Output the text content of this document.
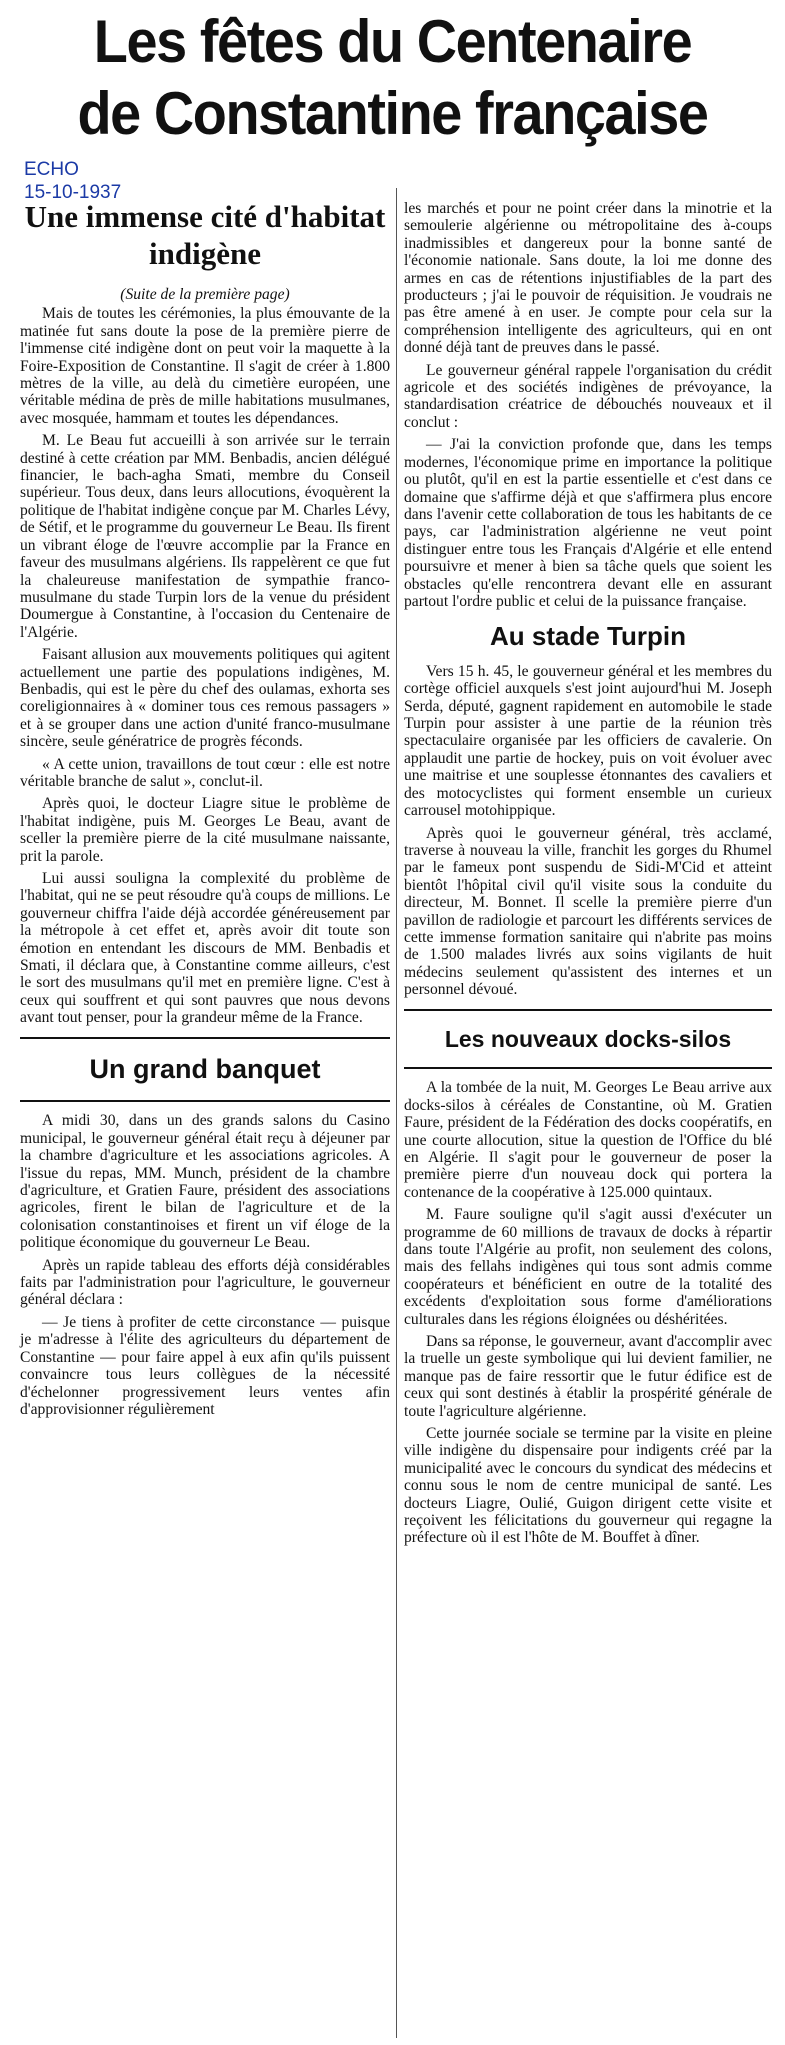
Les fêtes du Centenaire
de Constantine française
ECHO
15-10-1937
Une immense cité d'habitat indigène
(Suite de la première page)

Mais de toutes les cérémonies, la plus émouvante de la matinée fut sans doute la pose de la première pierre de l'immense cité indigène dont on peut voir la maquette à la Foire-Exposition de Constantine. Il s'agit de créer à 1.800 mètres de la ville, au delà du cimetière européen, une véritable médina de près de mille habitations musulmanes, avec mosquée, hammam et toutes les dépendances.

M. Le Beau fut accueilli à son arrivée sur le terrain destiné à cette création par MM. Benbadis, ancien délégué financier, le bach-agha Smati, membre du Conseil supérieur. Tous deux, dans leurs allocutions, évoquèrent la politique de l'habitat indigène conçue par M. Charles Lévy, de Sétif, et le programme du gouverneur Le Beau. Ils firent un vibrant éloge de l'œuvre accomplie par la France en faveur des musulmans algériens. Ils rappelèrent ce que fut la chaleureuse manifestation de sympathie franco-musulmane du stade Turpin lors de la venue du président Doumergue à Constantine, à l'occasion du Centenaire de l'Algérie.

Faisant allusion aux mouvements politiques qui agitent actuellement une partie des populations indigènes, M. Benbadis, qui est le père du chef des oulamas, exhorta ses coreligionnaires à « dominer tous ces remous passagers » et à se grouper dans une action d'unité franco-musulmane sincère, seule génératrice de progrès féconds.

« A cette union, travaillons de tout cœur : elle est notre véritable branche de salut », conclut-il.

Après quoi, le docteur Liagre situe le problème de l'habitat indigène, puis M. Georges Le Beau, avant de sceller la première pierre de la cité musulmane naissante, prit la parole.

Lui aussi souligna la complexité du problème de l'habitat, qui ne se peut résoudre qu'à coups de millions. Le gouverneur chiffra l'aide déjà accordée généreusement par la métropole à cet effet et, après avoir dit toute son émotion en entendant les discours de MM. Benbadis et Smati, il déclara que, à Constantine comme ailleurs, c'est le sort des musulmans qu'il met en première ligne. C'est à ceux qui souffrent et qui sont pauvres que nous devons avant tout penser, pour la grandeur même de la France.

Un grand banquet

A midi 30, dans un des grands salons du Casino municipal, le gouverneur général était reçu à déjeuner par la chambre d'agriculture et les associations agricoles. A l'issue du repas, MM. Munch, président de la chambre d'agriculture, et Gratien Faure, président des associations agricoles, firent le bilan de l'agriculture et de la colonisation constantinoises et firent un vif éloge de la politique économique du gouverneur Le Beau.

Après un rapide tableau des efforts déjà considérables faits par l'administration pour l'agriculture, le gouverneur général déclara :

— Je tiens à profiter de cette circonstance — puisque je m'adresse à l'élite des agriculteurs du département de Constantine — pour faire appel à eux afin qu'ils puissent convaincre tous leurs collègues de la nécessité d'échelonner progressivement leurs ventes afin d'approvisionner régulièrement

les marchés et pour ne point créer dans la minotrie et la semoulerie algérienne ou métropolitaine des à-coups inadmissibles et dangereux pour la bonne santé de l'économie nationale. Sans doute, la loi me donne des armes en cas de rétentions injustifiables de la part des producteurs ; j'ai le pouvoir de réquisition. Je voudrais ne pas être amené à en user. Je compte pour cela sur la compréhension intelligente des agriculteurs, qui en ont donné déjà tant de preuves dans le passé.

Le gouverneur général rappele l'organisation du crédit agricole et des sociétés indigènes de prévoyance, la standardisation créatrice de débouchés nouveaux et il conclut :

— J'ai la conviction profonde que, dans les temps modernes, l'économique prime en importance la politique ou plutôt, qu'il en est la partie essentielle et c'est dans ce domaine que s'affirme déjà et que s'affirmera plus encore dans l'avenir cette collaboration de tous les habitants de ce pays, car l'administration algérienne ne veut point distinguer entre tous les Français d'Algérie et elle entend poursuivre et mener à bien sa tâche quels que soient les obstacles qu'elle rencontrera devant elle en assurant partout l'ordre public et celui de la puissance française.

Au stade Turpin

Vers 15 h. 45, le gouverneur général et les membres du cortège officiel auxquels s'est joint aujourd'hui M. Joseph Serda, député, gagnent rapidement en automobile le stade Turpin pour assister à une partie de la réunion très spectaculaire organisée par les officiers de cavalerie. On applaudit une partie de hockey, puis on voit évoluer avec une maitrise et une souplesse étonnantes des cavaliers et des motocyclistes qui forment ensemble un curieux carrousel motohippique.

Après quoi le gouverneur général, très acclamé, traverse à nouveau la ville, franchit les gorges du Rhumel par le fameux pont suspendu de Sidi-M'Cid et atteint bientôt l'hôpital civil qu'il visite sous la conduite du directeur, M. Bonnet. Il scelle la première pierre d'un pavillon de radiologie et parcourt les différents services de cette immense formation sanitaire qui n'abrite pas moins de 1.500 malades livrés aux soins vigilants de huit médecins seulement qu'assistent des internes et un personnel dévoué.

Les nouveaux docks-silos

A la tombée de la nuit, M. Georges Le Beau arrive aux docks-silos à céréales de Constantine, où M. Gratien Faure, président de la Fédération des docks coopératifs, en une courte allocution, situe la question de l'Office du blé en Algérie. Il s'agit pour le gouverneur de poser la première pierre d'un nouveau dock qui portera la contenance de la coopérative à 125.000 quintaux.

M. Faure souligne qu'il s'agit aussi d'exécuter un programme de 60 millions de travaux de docks à répartir dans toute l'Algérie au profit, non seulement des colons, mais des fellahs indigènes qui tous sont admis comme coopérateurs et bénéficient en outre de la totalité des excédents d'exploitation sous forme d'améliorations culturales dans les régions éloignées ou déshéritées.

Dans sa réponse, le gouverneur, avant d'accomplir avec la truelle un geste symbolique qui lui devient familier, ne manque pas de faire ressortir que le futur édifice est de ceux qui sont destinés à établir la prospérité générale de toute l'agriculture algérienne.

Cette journée sociale se termine par la visite en pleine ville indigène du dispensaire pour indigents créé par la municipalité avec le concours du syndicat des médecins et connu sous le nom de centre municipal de santé. Les docteurs Liagre, Oulié, Guigon dirigent cette visite et reçoivent les félicitations du gouverneur qui regagne la préfecture où il est l'hôte de M. Bouffet à dîner.
